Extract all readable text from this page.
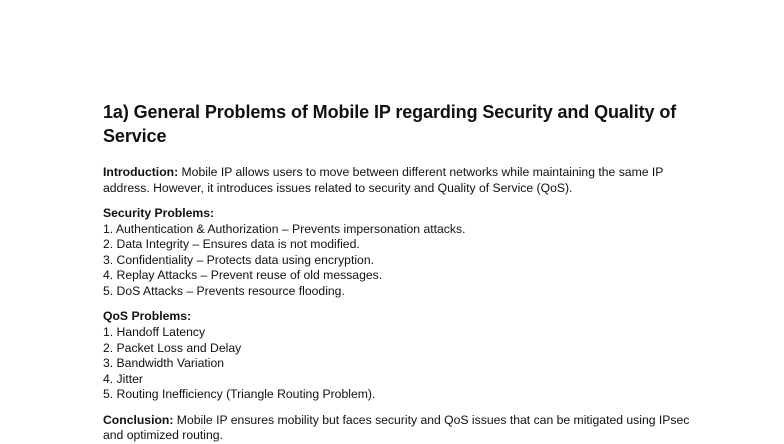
1a) General Problems of Mobile IP regarding Security and Quality of Service

Introduction: Mobile IP allows users to move between different networks while maintaining the same IP address. However, it introduces issues related to security and Quality of Service (QoS).

Security Problems:

1. Authentication & Authorization – Prevents impersonation attacks.
2. Data Integrity – Ensures data is not modified.
3. Confidentiality – Protects data using encryption.
4. Replay Attacks – Prevent reuse of old messages.
5. DoS Attacks – Prevents resource flooding.

QoS Problems:

1. Handoff Latency
2. Packet Loss and Delay
3. Bandwidth Variation
4. Jitter
5. Routing Inefficiency (Triangle Routing Problem).

Conclusion: Mobile IP ensures mobility but faces security and QoS issues that can be mitigated using IPsec and optimized routing.
